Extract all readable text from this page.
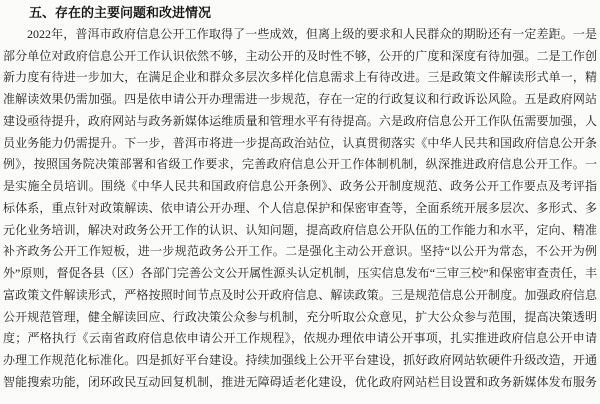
五、存在的主要问题和改进情况
2022年，普洱市政府信息公开工作取得了一些成效，但离上级的要求和人民群众的期盼还有一定差距。一是
部分单位对政府信息公开工作认识依然不够，主动公开的及时性不够，公开的广度和深度有待加强。二是工作创
新力度有待进一步加大，在满足企业和群众多层次多样化信息需求上有待改进。三是政策文件解读形式单一，精
准解读效果仍需加强。四是依申请公开办理需进一步规范，存在一定的行政复议和行政诉讼风险。五是政府网站
建设亟待提升，政府网站与政务新媒体运维质量和管理水平有待提高。六是政府信息公开工作队伍需要加强，人
员业务能力仍需提升。下一步，普洱市将进一步提高政治站位，认真贯彻落实《中华人民共和国政府信息公开条
例》，按照国务院决策部署和省级工作要求，完善政府信息公开工作体制机制，纵深推进政府信息公开工作。一
是实施全员培训。围绕《中华人民共和国政府信息公开条例》、政务公开制度规范、政务公开工作要点及考评指
标体系，重点针对政策解读、依申请公开办理、个人信息保护和保密审查等，全面系统开展多层次、多形式、多
元化业务培训，解决对政务公开工作的认识、认知问题，提高政府信息公开队伍的工作能力和水平，定向、精准
补齐政务公开工作短板，进一步规范政务公开工作。二是强化主动公开意识。坚持“以公开为常态，不公开为例
外”原则，督促各县（区）各部门完善公文公开属性源头认定机制，压实信息发布“三审三校”和保密审查责任，丰
富政策文件解读形式，严格按照时间节点及时公开政府信息、解读政策。三是规范信息公开制度。加强政府信息
公开规范管理，健全解读回应、行政决策公众参与机制，充分听取公众意见，扩大公众参与范围，提高决策透明
度；严格执行《云南省政府信息依申请公开工作规程》，依规办理依申请公开事项，扎实推进政府信息公开申请
办理工作规范化标准化。四是抓好平台建设。持续加强线上公开平台建设，抓好政府网站软硬件升级改造，开通
智能搜索功能，闭环政民互动回复机制，推进无障碍适老化建设，优化政府网站栏目设置和政务新媒体发布服务
